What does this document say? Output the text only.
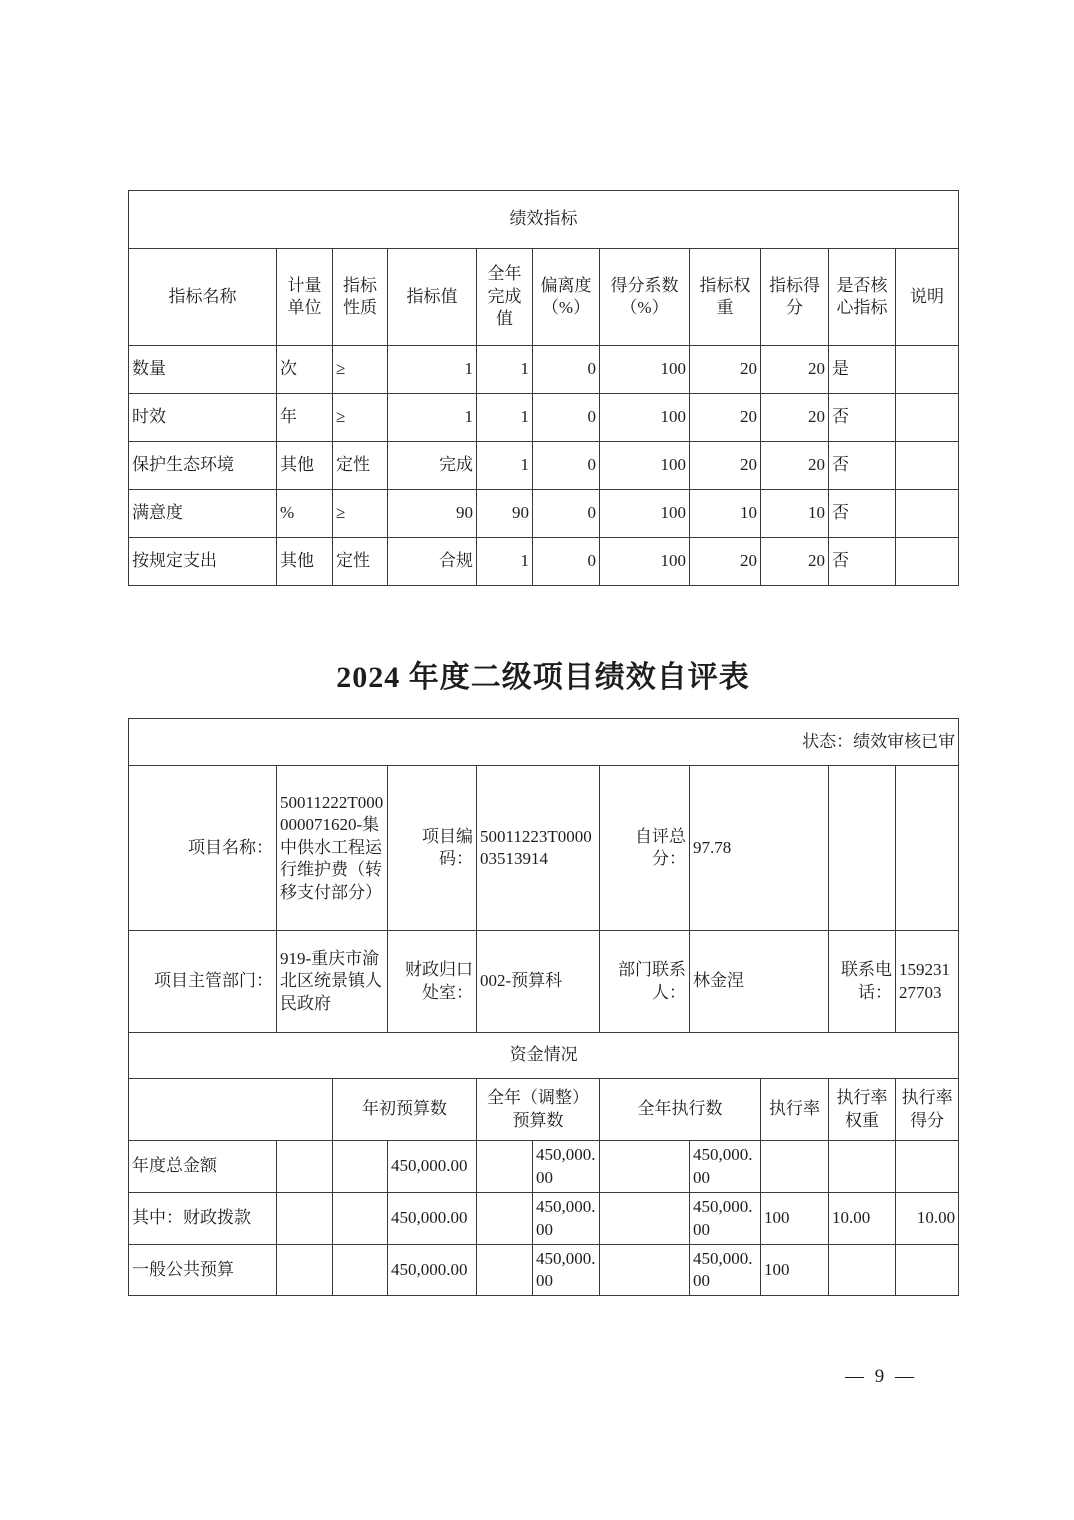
绩效指标										
指标名称	计量单位	指标性质	指标值	全年完成值	偏离度（%）	得分系数（%）	指标权重	指标得分	是否核心指标	说明
数量	次	≥	1	1	0	100	20	20	是	
时效	年	≥	1	1	0	100	20	20	否	
保护生态环境	其他	定性	完成	1	0	100	20	20	否	
满意度	%	≥	90	90	0	100	10	10	否	
按规定支出	其他	定性	合规	1	0	100	20	20	否	
2024 年度二级项目绩效自评表
状态：绩效审核已审										
项目名称：	50011222T000000071620-集中供水工程运行维护费（转移支付部分）		项目编码：	50011223T000003513914		自评总分：	97.78			
项目主管部门：	919-重庆市渝北区统景镇人民政府		财政归口处室：	002-预算科		部门联系人：	林金涅		联系电话：	15923127703
资金情况										
		年初预算数		全年（调整）预算数		全年执行数		执行率	执行率权重	执行率得分
年度总金额			450,000.00		450,000.00		450,000.00			
其中：财政拨款			450,000.00		450,000.00		450,000.00	100	10.00	10.00
一般公共预算			450,000.00		450,000.00		450,000.00	100		
— 9 —
